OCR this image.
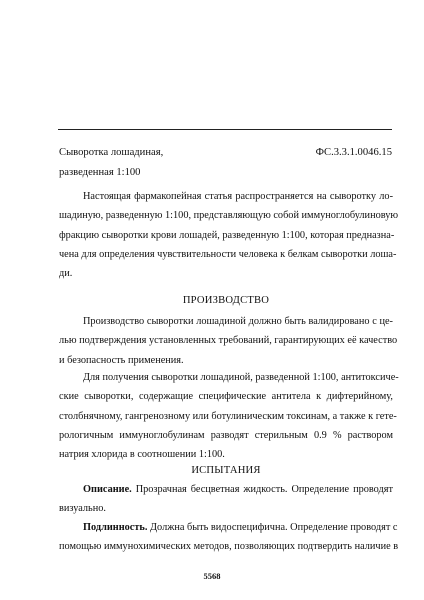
Сыворотка лошадиная,
разведенная 1:100
ФС.3.3.1.0046.15
Настоящая фармакопейная статья распространяется на сыворотку ло-
шадиную, разведенную 1:100, представляющую собой иммуноглобулиновую
фракцию сыворотки крови лошадей, разведенную 1:100, которая предназна-
чена для определения чувствительности человека к белкам сыворотки лоша-
ди.
ПРОИЗВОДСТВО
Производство сыворотки лошадиной должно быть валидировано с це-
лью подтверждения установленных требований, гарантирующих её качество
и безопасность применения.
Для получения сыворотки лошадиной, разведенной 1:100, антитоксиче-
ские сыворотки, содержащие специфические антитела к дифтерийному,
столбнячному, гангренозному или ботулиническим токсинам, а также к гете-
рологичным иммуноглобулинам разводят стерильным 0.9 % раствором
натрия хлорида в соотношении 1:100.
ИСПЫТАНИЯ
Описание. Прозрачная бесцветная жидкость. Определение проводят
визуально.
Подлинность. Должна быть видоспецифична. Определение проводят с
помощью иммунохимических методов, позволяющих подтвердить наличие в
5568
